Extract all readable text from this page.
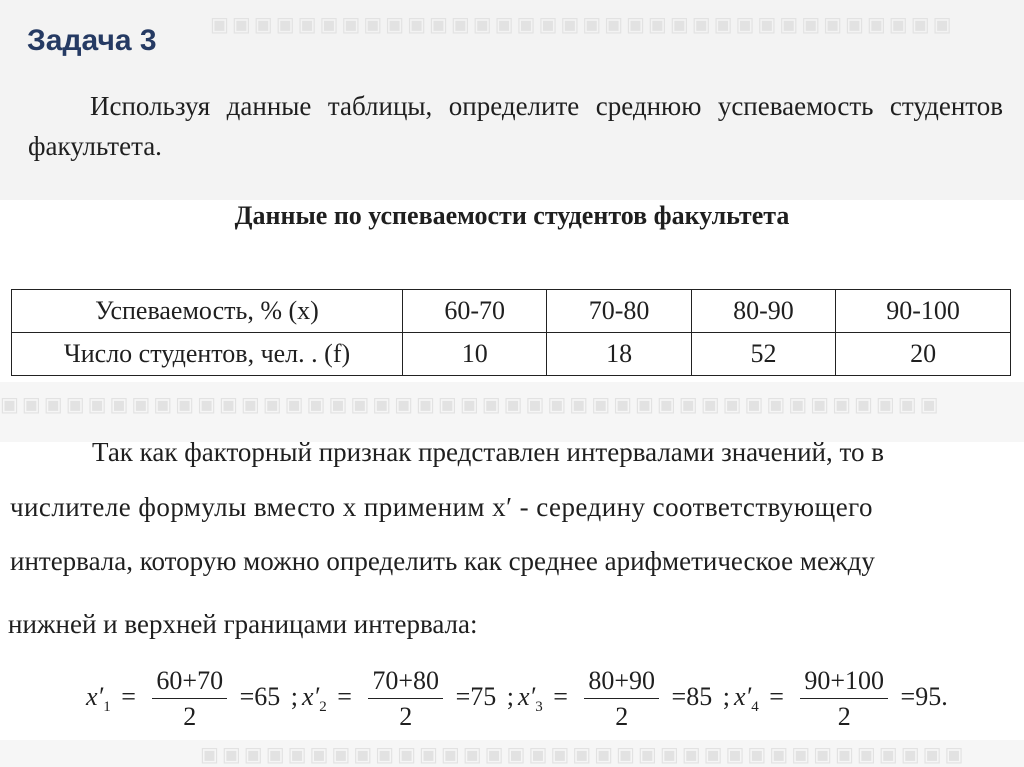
▣▣▣▣▣▣▣▣▣▣▣▣▣▣▣▣▣▣▣▣▣▣▣▣▣▣▣▣▣▣▣▣▣▣
▣▣▣▣▣▣▣▣▣▣▣▣▣▣▣▣▣▣▣▣▣▣▣▣▣▣▣▣▣▣▣▣▣▣▣▣▣▣▣▣▣▣▣
▣▣▣▣▣▣▣▣▣▣▣▣▣▣▣▣▣▣▣▣▣▣▣▣▣▣▣▣▣▣▣▣▣▣▣
Задача 3

Используя данные таблицы, определите среднюю успеваемость студентов факультета.

Данные по успеваемости студентов факультета

Успеваемость, % (x)	60-70	70-80	80-90	90-100
Число студентов, чел. . (f)	10	18	52	20

Так как факторный признак представлен интервалами значений, то в

числителе формулы вместо x применим x′ - середину соответствующего

интервала, которую можно определить как среднее арифметическое между

нижней и верхней границами интервала:

$x'_1 = \frac{60+70}{2} =65$ ; $x'_2 = \frac{70+80}{2} =75$ ; $x'_3 = \frac{80+90}{2} =85$ ; $x'_4 = \frac{90+100}{2} =95$.
